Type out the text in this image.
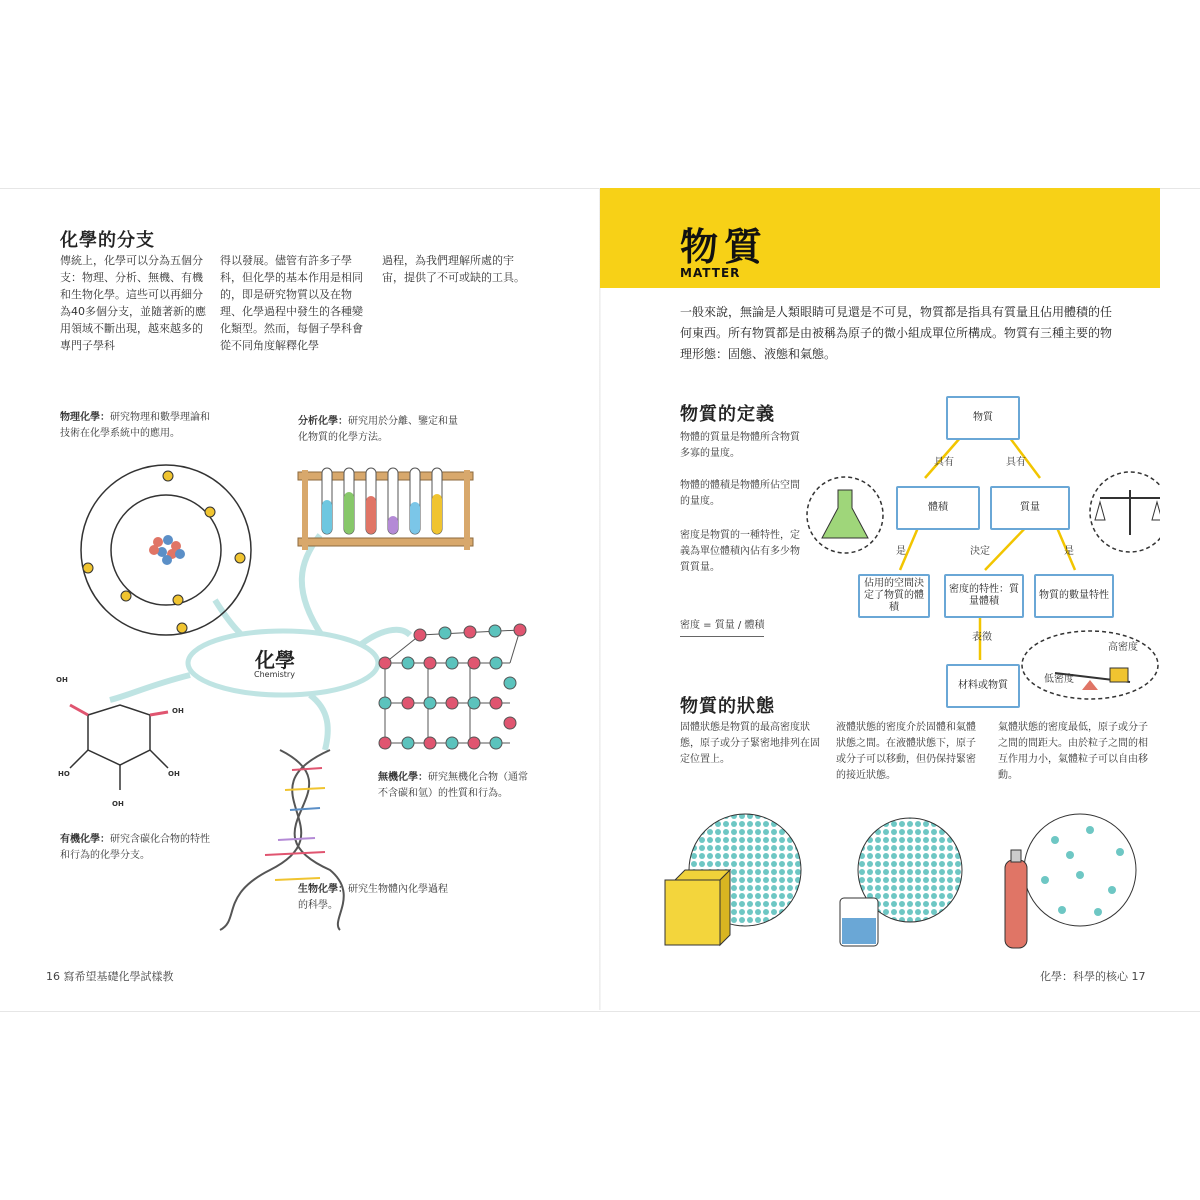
化學的分支
傳統上，化學可以分為五個分支：物理、分析、無機、有機和生物化學。這些可以再細分為40多個分支，並隨著新的應用領域不斷出現，越來越多的專門子學科
得以發展。儘管有許多子學科，但化學的基本作用是相同的，即是研究物質以及在物理、化學過程中發生的各種變化類型。然而，每個子學科會從不同角度解釋化學
過程，為我們理解所處的宇宙，提供了不可或缺的工具。
物理化學：研究物理和數學理論和技術在化學系統中的應用。
分析化學：研究用於分離、鑒定和量化物質的化學方法。
OH
OH
HO	OH
OH
化學
Chemistry
無機化學：研究無機化合物（通常不含碳和氫）的性質和行為。
有機化學：研究含碳化合物的特性和行為的化學分支。
生物化學：研究生物體內化學過程的科學。
16 寫希望基礎化學試樣教
物質
MATTER
一般來說，無論是人類眼睛可見還是不可見，物質都是指具有質量且佔用體積的任何東西。所有物質都是由被稱為原子的微小組成單位所構成。物質有三種主要的物理形態：固態、液態和氣態。
物質的定義
物體的質量是物體所含物質多寡的量度。
物體的體積是物體所佔空間的量度。
密度是物質的一種特性，定義為單位體積內佔有多少物質質量。
密度 = 質量 / 體積
物質
具有	具有
體積	質量
是	決定	是
佔用的空間決定了物質的體積
密度的特性：質量體積
物質的數量特性
表徵
材料或物質
高密度
低密度
物質的狀態
固體狀態是物質的最高密度狀態，原子或分子緊密地排列在固定位置上。
液體狀態的密度介於固體和氣體狀態之間。在液體狀態下，原子或分子可以移動，但仍保持緊密的接近狀態。
氣體狀態的密度最低，原子或分子之間的間距大。由於粒子之間的相互作用力小，氣體粒子可以自由移動。
化學：科學的核心 17
